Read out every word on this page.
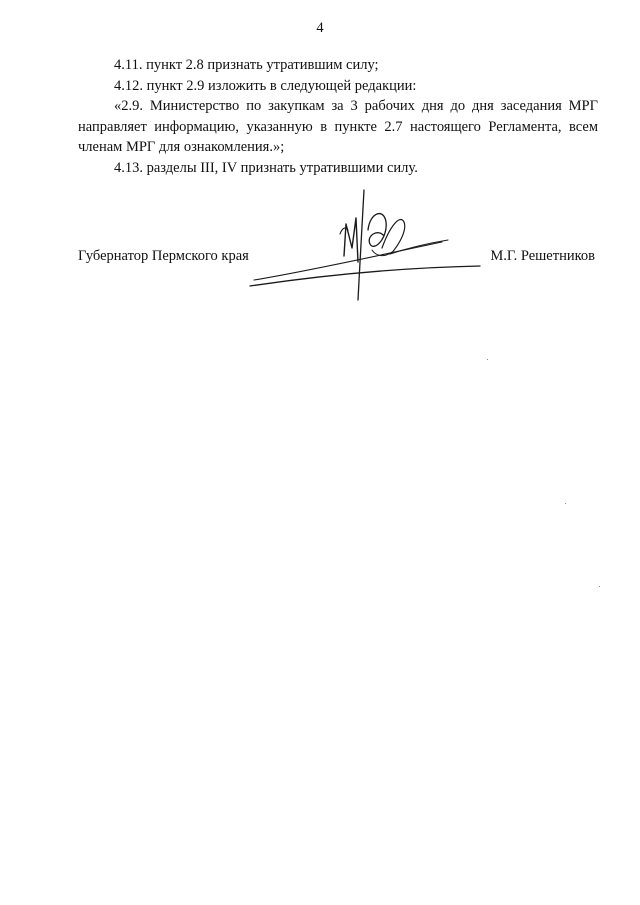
4

4.11. пункт 2.8 признать утратившим силу;

4.12. пункт 2.9 изложить в следующей редакции:

«2.9. Министерство по закупкам за 3 рабочих дня до дня заседания МРГ направляет информацию, указанную в пункте 2.7 настоящего Регламента, всем членам МРГ для ознакомления.»;

4.13. разделы III, IV признать утратившими силу.

Губернатор Пермского края	М.Г. Решетников
